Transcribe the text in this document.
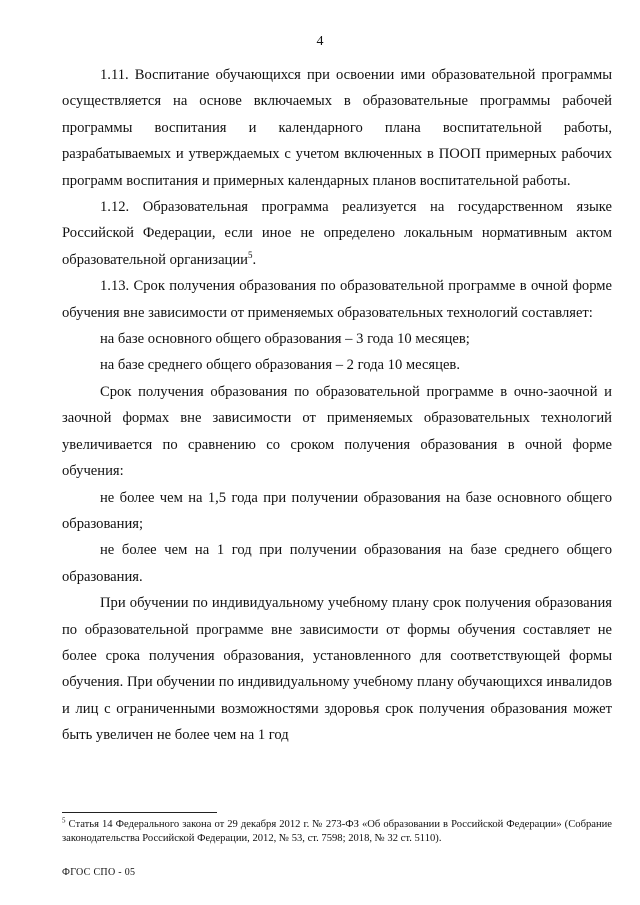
4

1.11. Воспитание обучающихся при освоении ими образовательной программы осуществляется на основе включаемых в образовательные программы рабочей программы воспитания и календарного плана воспитательной работы, разрабатываемых и утверждаемых с учетом включенных в ПООП примерных рабочих программ воспитания и примерных календарных планов воспитательной работы.

1.12. Образовательная программа реализуется на государственном языке Российской Федерации, если иное не определено локальным нормативным актом образовательной организации$^5$.

1.13. Срок получения образования по образовательной программе в очной форме обучения вне зависимости от применяемых образовательных технологий составляет:

на базе основного общего образования – 3 года 10 месяцев;

на базе среднего общего образования – 2 года 10 месяцев.

Срок получения образования по образовательной программе в очно-заочной и заочной формах вне зависимости от применяемых образовательных технологий увеличивается по сравнению со сроком получения образования в очной форме обучения:

не более чем на 1,5 года при получении образования на базе основного общего образования;

не более чем на 1 год при получении образования на базе среднего общего образования.

При обучении по индивидуальному учебному плану срок получения образования по образовательной программе вне зависимости от формы обучения составляет не более срока получения образования, установленного для соответствующей формы обучения. При обучении по индивидуальному учебному плану обучающихся инвалидов и лиц с ограниченными возможностями здоровья срок получения образования может быть увеличен не более чем на 1 год

$^5$ Статья 14 Федерального закона от 29 декабря 2012 г. № 273-ФЗ «Об образовании в Российской Федерации» (Собрание законодательства Российской Федерации, 2012, № 53, ст. 7598; 2018, № 32 ст. 5110).
ФГОС СПО - 05
